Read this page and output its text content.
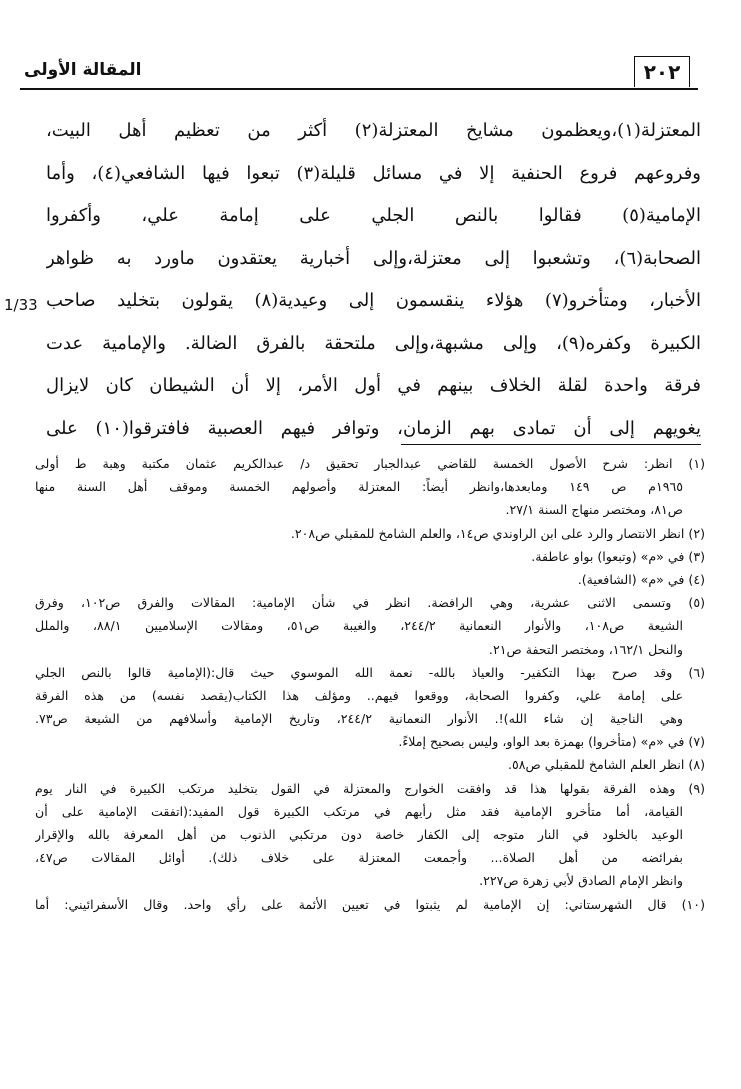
٢٠٢
المقالة الأولى
1/33
المعتزلة(١)،ويعظمون مشايخ المعتزلة(٢) أكثر من تعظيم أهل البيت،
وفروعهم فروع الحنفية إلا في مسائل قليلة(٣) تبعوا فيها الشافعي(٤)، وأما
الإمامية(٥) فقالوا بالنص الجلي على إمامة علي، وأكفروا
الصحابة(٦)، وتشعبوا إلى معتزلة،وإلى أخبارية يعتقدون ماورد به ظواهر
الأخبار، ومتأخرو(٧) هؤلاء ينقسمون إلى وعيدية(٨) يقولون بتخليد صاحب
الكبيرة وكفره(٩)، وإلى مشبهة،وإلى ملتحقة بالفرق الضالة. والإمامية عدت
فرقة واحدة لقلة الخلاف بينهم في أول الأمر، إلا أن الشيطان كان لايزال
يغويهم إلى أن تمادى بهم الزمان، وتوافر فيهم العصبية فافترقوا(١٠) على
(١) انظر: شرح الأصول الخمسة للقاضي عبدالجبار تحقيق د/ عبدالكريم عثمان مكتبة وهبة ط أولى
١٩٦٥م ص ١٤٩ ومابعدها،وانظر أيضاً: المعتزلة وأصولهم الخمسة وموقف أهل السنة منها
ص٨١، ومختصر منهاج السنة ٢٧/١.
(٢) انظر الانتصار والرد على ابن الراوندي ص١٤، والعلم الشامخ للمقبلي ص٢٠٨.
(٣) في «م» (وتبعوا) بواو عاطفة.
(٤) في «م» (الشافعية).
(٥) وتسمى الاثنى عشرية، وهي الرافضة. انظر في شأن الإمامية: المقالات والفرق ص١٠٢، وفرق
الشيعة ص١٠٨، والأنوار النعمانية ٢٤٤/٢، والغيبة ص٥١، ومقالات الإسلاميين ٨٨/١، والملل
والنحل ١٦٢/١، ومختصر التحفة ص٢١.
(٦) وقد صرح بهذا التكفير- والعياذ بالله- نعمة الله الموسوي حيث قال:(الإمامية قالوا بالنص الجلي
على إمامة علي، وكفروا الصحابة، ووقعوا فيهم.. ومؤلف هذا الكتاب(يقصد نفسه) من هذه الفرقة
وهي الناجية إن شاء الله)!. الأنوار النعمانية ٢٤٤/٢، وتاريخ الإمامية وأسلافهم من الشيعة ص٧٣.
(٧) في «م» (متأخروا) بهمزة بعد الواو، وليس بصحيح إملاءً.
(٨) انظر العلم الشامخ للمقبلي ص٥٨.
(٩) وهذه الفرقة بقولها هذا قد وافقت الخوارج والمعتزلة في القول بتخليد مرتكب الكبيرة في النار يوم
القيامة، أما متأخرو الإمامية فقد مثل رأيهم في مرتكب الكبيرة قول المفيد:(اتفقت الإمامية على أن
الوعيد بالخلود في النار متوجه إلى الكفار خاصة دون مرتكبي الذنوب من أهل المعرفة بالله والإقرار
بفرائضه من أهل الصلاة... وأجمعت المعتزلة على خلاف ذلك). أوائل المقالات ص٤٧،
وانظر الإمام الصادق لأبي زهرة ص٢٢٧.
(١٠) قال الشهرستاني: إن الإمامية لم يثبتوا في تعيين الأئمة على رأي واحد. وقال الأسفرائيني: أما
